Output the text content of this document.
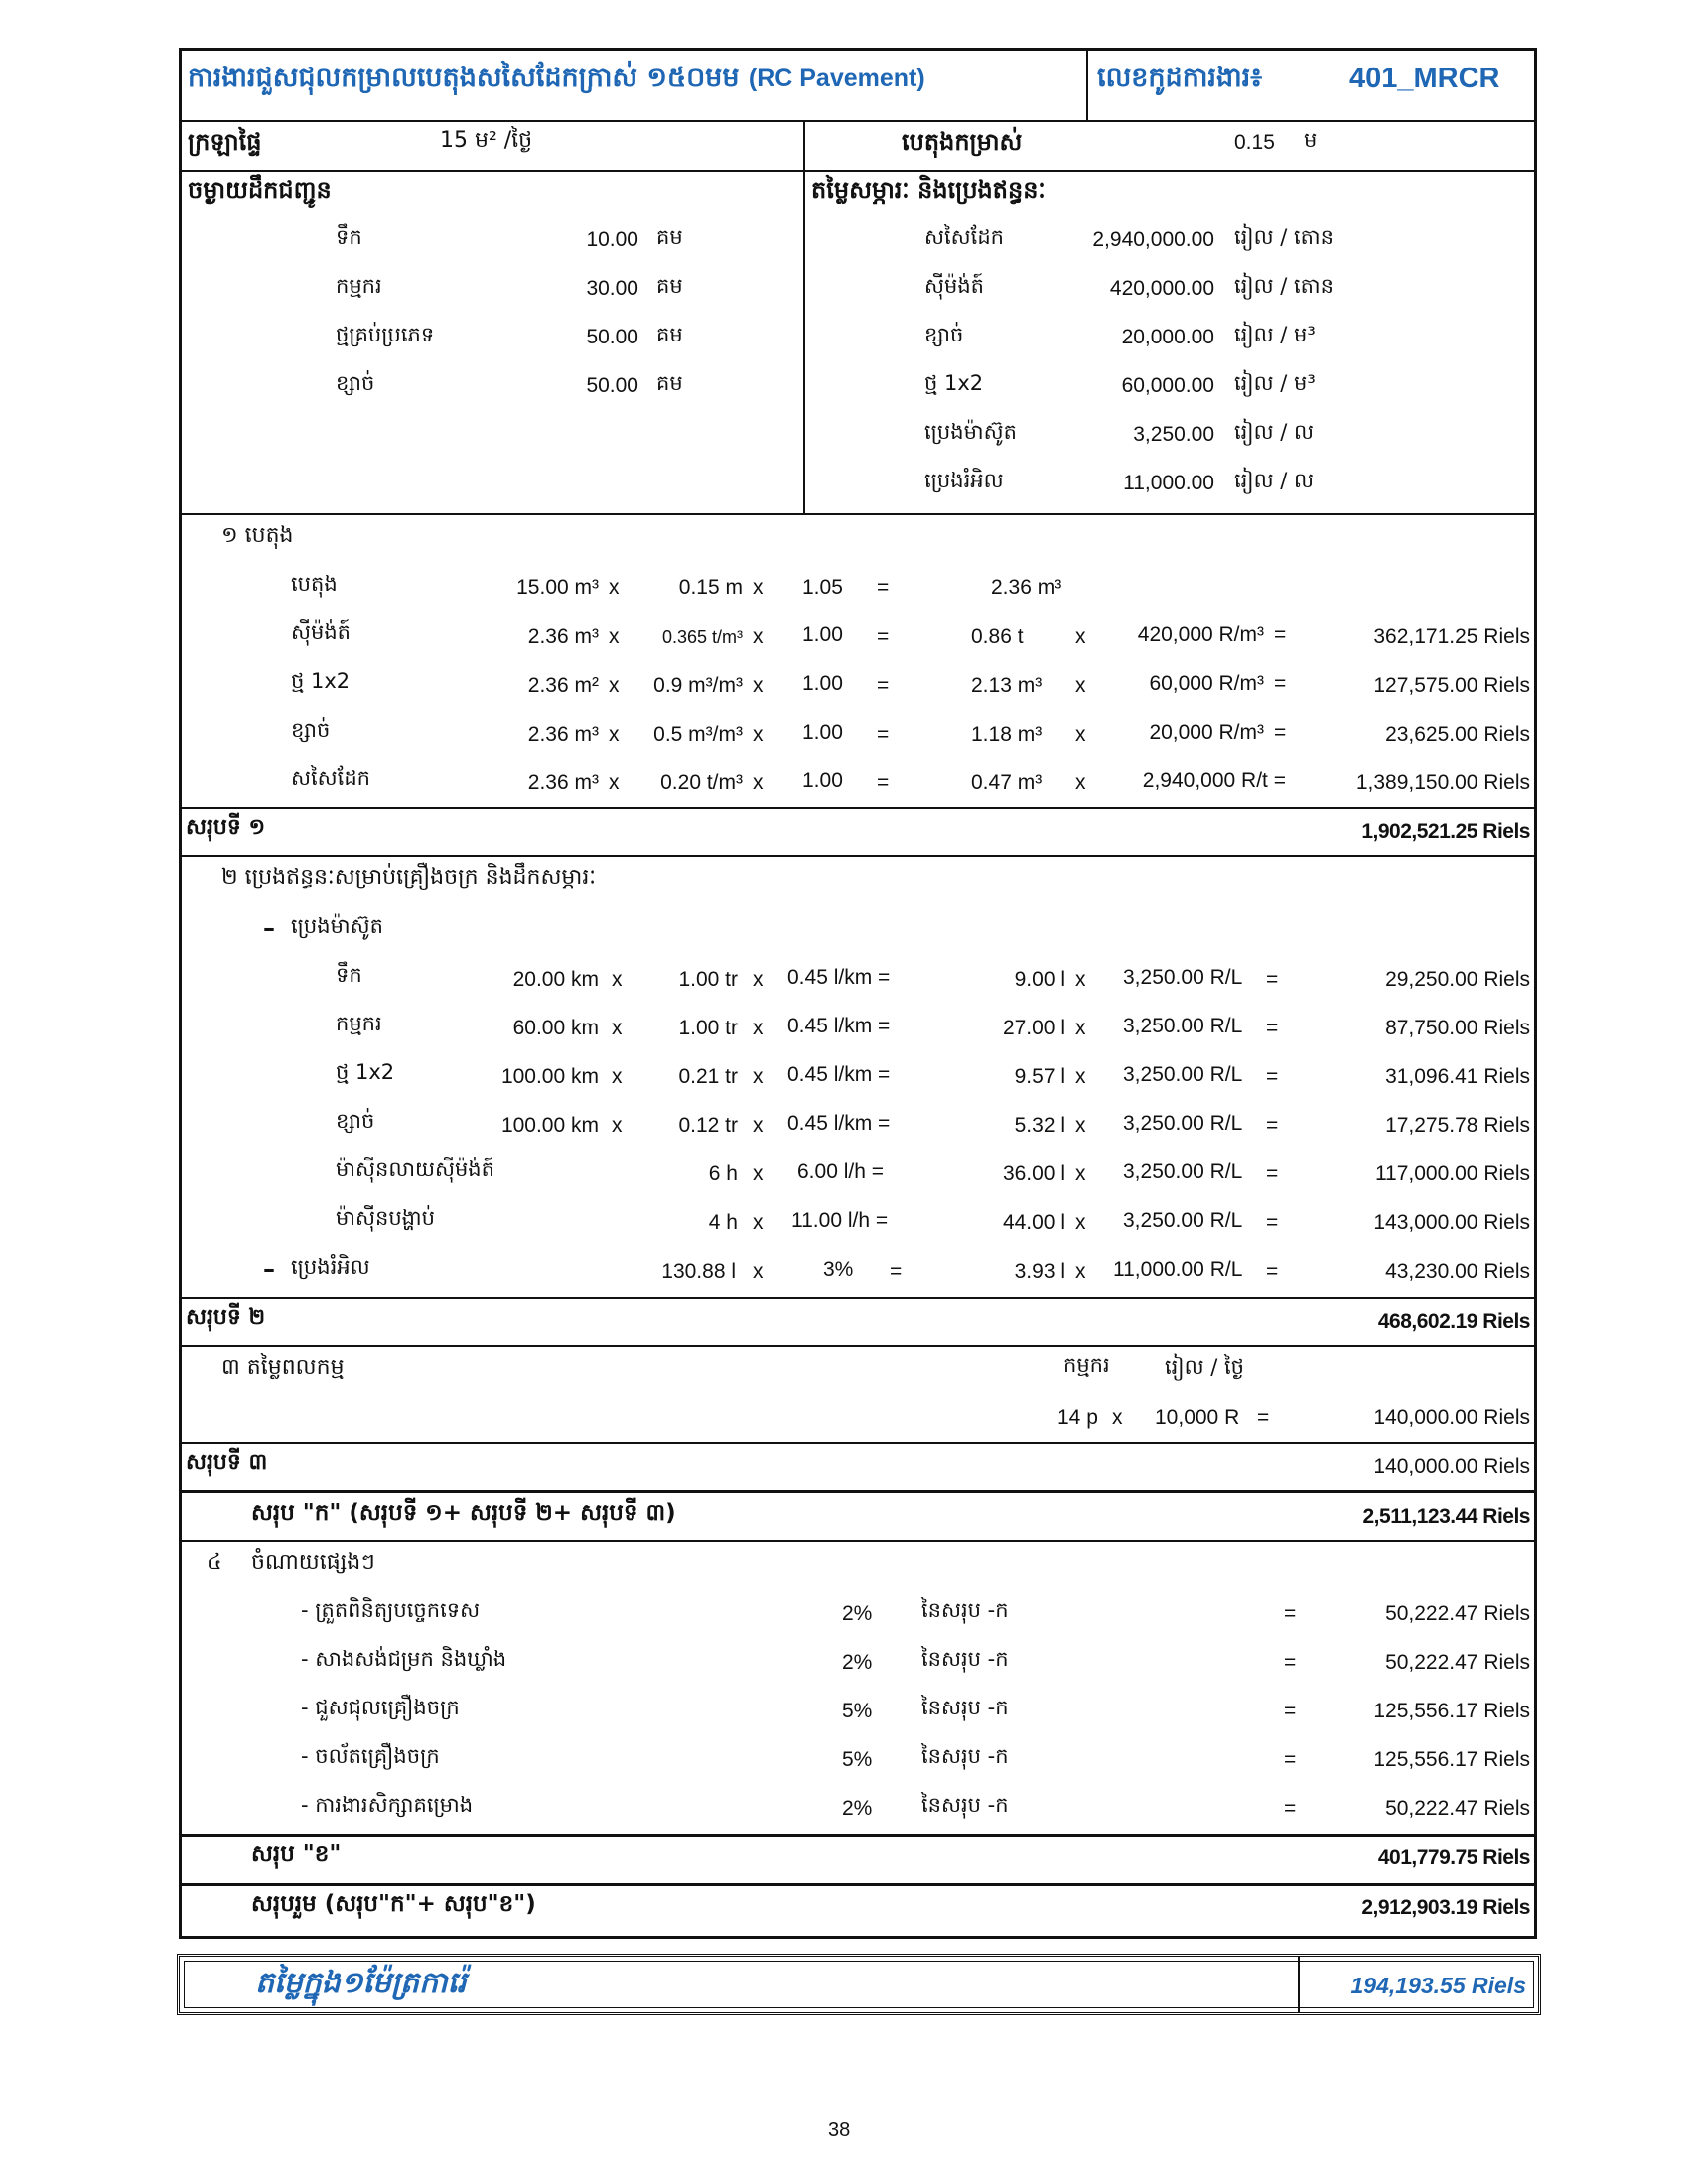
ការងារជួសជុលកម្រាលបេតុងសសៃដែកក្រាស់ ១៥០មម (RC Pavement)	លេខកូដការងារ៖	401_MRCR
ក្រឡាផ្ទៃ	15 ម² /ថ្ងៃ	បេតុងកម្រាស់	0.15 ម
ចម្ងាយដឹកជញ្ជូន
ទឹក	10.00 គម
កម្មករ	30.00 គម
ថ្មគ្រប់ប្រភេទ	50.00 គម
ខ្សាច់	50.00 គម
តម្លៃសម្ភារៈ និងប្រេងឥន្ធនៈ
សសៃដែក	2,940,000.00 រៀល / តោន
ស៊ីម៉ង់ត៍	420,000.00 រៀល / តោន
ខ្សាច់	20,000.00 រៀល / ម³
ថ្ម 1x2	60,000.00 រៀល / ម³
ប្រេងម៉ាស៊ូត	3,250.00 រៀល / ល
ប្រេងរំអិល	11,000.00 រៀល / ល
១ បេតុង
បេតុង	15.00 m³ x	0.15 m x 1.05 =	2.36 m³
ស៊ីម៉ង់ត៍	2.36 m³ x	0.365 t/m³ x 1.00 =	0.86 t x	420,000 R/m³ =	362,171.25 Riels
ថ្ម 1x2	2.36 m² x	0.9 m³/m³ x 1.00 =	2.13 m³ x	60,000 R/m³ =	127,575.00 Riels
ខ្សាច់	2.36 m³ x	0.5 m³/m³ x 1.00 =	1.18 m³ x	20,000 R/m³ =	23,625.00 Riels
សសៃដែក	2.36 m³ x	0.20 t/m³ x 1.00 =	0.47 m³ x	2,940,000 R/t =	1,389,150.00 Riels
សរុបទី ១	1,902,521.25 Riels
២ ប្រេងឥន្ធនៈសម្រាប់គ្រឿងចក្រ និងដឹកសម្ភារៈ
– ប្រេងម៉ាស៊ូត
ទឹក	20.00 km x	1.00 tr x 0.45 l/km =	9.00 l x 3,250.00 R/L =	29,250.00 Riels
កម្មករ	60.00 km x	1.00 tr x 0.45 l/km =	27.00 l x 3,250.00 R/L =	87,750.00 Riels
ថ្ម 1x2	100.00 km x	0.21 tr x 0.45 l/km =	9.57 l x 3,250.00 R/L =	31,096.41 Riels
ខ្សាច់	100.00 km x	0.12 tr x 0.45 l/km =	5.32 l x 3,250.00 R/L =	17,275.78 Riels
ម៉ាស៊ីនលាយស៊ីម៉ង់ត៍	6 h x 6.00 l/h =	36.00 l x 3,250.00 R/L =	117,000.00 Riels
ម៉ាស៊ីនបង្ហាប់	4 h x 11.00 l/h =	44.00 l x 3,250.00 R/L =	143,000.00 Riels
– ប្រេងរំអិល	130.88 l x	3% =	3.93 l x 11,000.00 R/L =	43,230.00 Riels
សរុបទី ២	468,602.19 Riels
៣ តម្លៃពលកម្ម	កម្មករ	រៀល / ថ្ងៃ
14 p x 10,000 R =	140,000.00 Riels
សរុបទី ៣	140,000.00 Riels
សរុប "ក" (សរុបទី ១+ សរុបទី ២+ សរុបទី ៣)	2,511,123.44 Riels
៤ ចំណាយផ្សេងៗ
- ត្រួតពិនិត្យបច្ចេកទេស	2% នៃសរុប -ក	=	50,222.47 Riels
- សាងសង់ជម្រក និងឃ្លាំង	2% នៃសរុប -ក	=	50,222.47 Riels
- ជួសជុលគ្រឿងចក្រ	5% នៃសរុប -ក	=	125,556.17 Riels
- ចល័តគ្រឿងចក្រ	5% នៃសរុប -ក	=	125,556.17 Riels
- ការងារសិក្សាគម្រោង	2% នៃសរុប -ក	=	50,222.47 Riels
សរុប "ខ"	401,779.75 Riels
សរុបរួម (សរុប"ក"+ សរុប"ខ")	2,912,903.19 Riels
តម្លៃក្នុង១ម៉ែត្រការ៉េ	194,193.55 Riels
38
